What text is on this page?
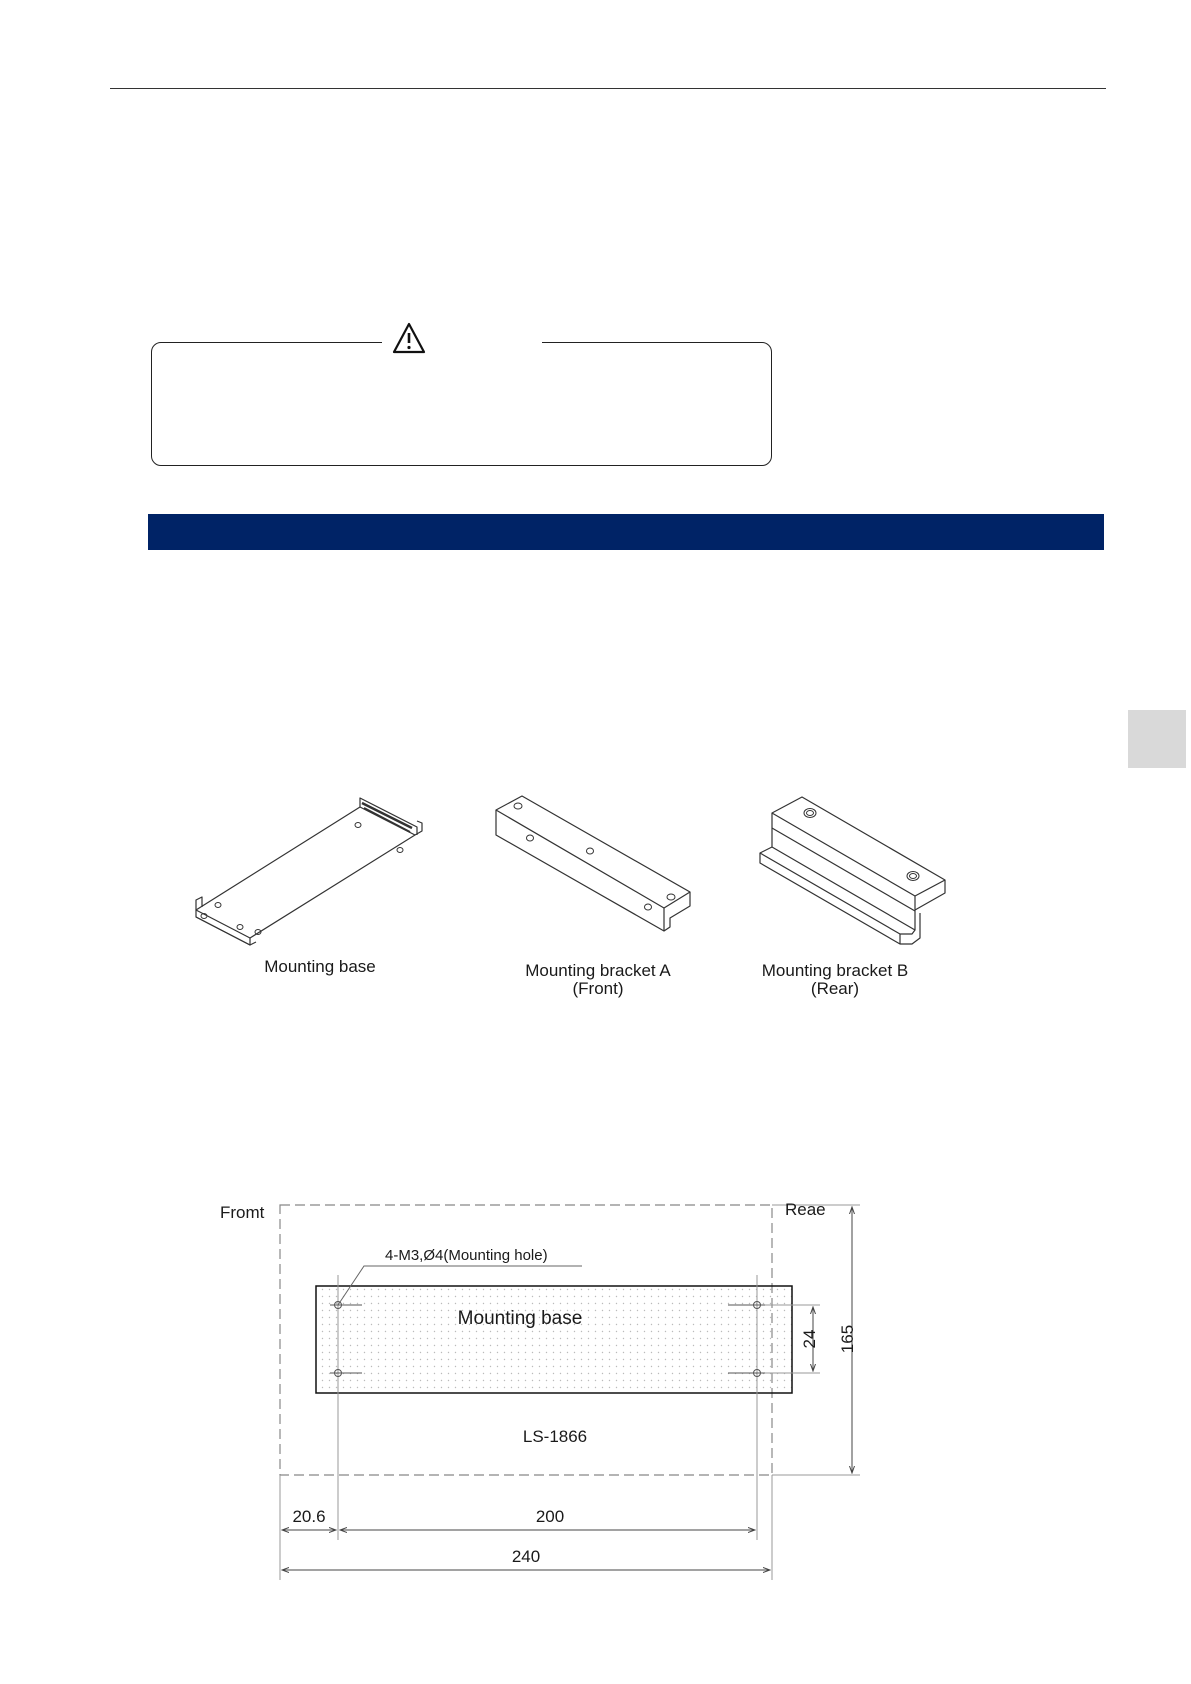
Mounting base	Mounting bracket A
(Front)
Mounting bracket B
(Rear)
Fromt	Reae
4-M3,Ø4(Mounting hole)
Mounting base
LS-1866
20.6	200
240
24 165
